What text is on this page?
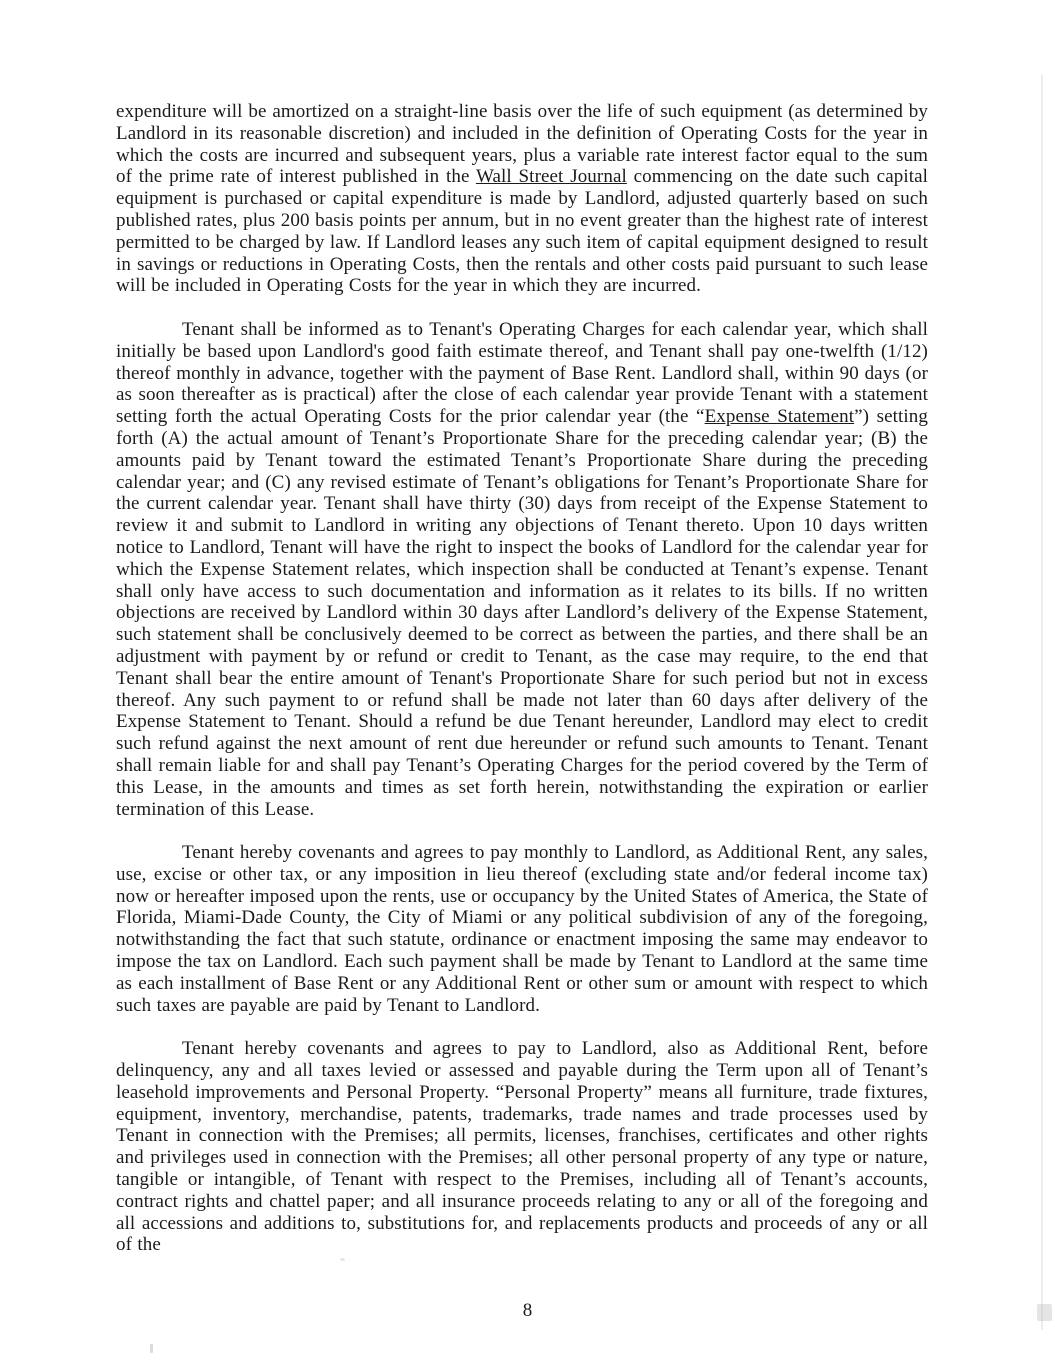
expenditure will be amortized on a straight-line basis over the life of such equipment (as determined by Landlord in its reasonable discretion) and included in the definition of Operating Costs for the year in which the costs are incurred and subsequent years, plus a variable rate interest factor equal to the sum of the prime rate of interest published in the Wall Street Journal commencing on the date such capital equipment is purchased or capital expenditure is made by Landlord, adjusted quarterly based on such published rates, plus 200 basis points per annum, but in no event greater than the highest rate of interest permitted to be charged by law. If Landlord leases any such item of capital equipment designed to result in savings or reductions in Operating Costs, then the rentals and other costs paid pursuant to such lease will be included in Operating Costs for the year in which they are incurred.

Tenant shall be informed as to Tenant's Operating Charges for each calendar year, which shall initially be based upon Landlord's good faith estimate thereof, and Tenant shall pay one-twelfth (1/12) thereof monthly in advance, together with the payment of Base Rent. Landlord shall, within 90 days (or as soon thereafter as is practical) after the close of each calendar year provide Tenant with a statement setting forth the actual Operating Costs for the prior calendar year (the “Expense Statement”) setting forth (A) the actual amount of Tenant’s Proportionate Share for the preceding calendar year; (B) the amounts paid by Tenant toward the estimated Tenant’s Proportionate Share during the preceding calendar year; and (C) any revised estimate of Tenant’s obligations for Tenant’s Proportionate Share for the current calendar year. Tenant shall have thirty (30) days from receipt of the Expense Statement to review it and submit to Landlord in writing any objections of Tenant thereto. Upon 10 days written notice to Landlord, Tenant will have the right to inspect the books of Landlord for the calendar year for which the Expense Statement relates, which inspection shall be conducted at Tenant’s expense. Tenant shall only have access to such documentation and information as it relates to its bills. If no written objections are received by Landlord within 30 days after Landlord’s delivery of the Expense Statement, such statement shall be conclusively deemed to be correct as between the parties, and there shall be an adjustment with payment by or refund or credit to Tenant, as the case may require, to the end that Tenant shall bear the entire amount of Tenant's Proportionate Share for such period but not in excess thereof. Any such payment to or refund shall be made not later than 60 days after delivery of the Expense Statement to Tenant. Should a refund be due Tenant hereunder, Landlord may elect to credit such refund against the next amount of rent due hereunder or refund such amounts to Tenant. Tenant shall remain liable for and shall pay Tenant’s Operating Charges for the period covered by the Term of this Lease, in the amounts and times as set forth herein, notwithstanding the expiration or earlier termination of this Lease.

Tenant hereby covenants and agrees to pay monthly to Landlord, as Additional Rent, any sales, use, excise or other tax, or any imposition in lieu thereof (excluding state and/or federal income tax) now or hereafter imposed upon the rents, use or occupancy by the United States of America, the State of Florida, Miami-Dade County, the City of Miami or any political subdivision of any of the foregoing, notwithstanding the fact that such statute, ordinance or enactment imposing the same may endeavor to impose the tax on Landlord. Each such payment shall be made by Tenant to Landlord at the same time as each installment of Base Rent or any Additional Rent or other sum or amount with respect to which such taxes are payable are paid by Tenant to Landlord.

Tenant hereby covenants and agrees to pay to Landlord, also as Additional Rent, before delinquency, any and all taxes levied or assessed and payable during the Term upon all of Tenant’s leasehold improvements and Personal Property. “Personal Property” means all furniture, trade fixtures, equipment, inventory, merchandise, patents, trademarks, trade names and trade processes used by Tenant in connection with the Premises; all permits, licenses, franchises, certificates and other rights and privileges used in connection with the Premises; all other personal property of any type or nature, tangible or intangible, of Tenant with respect to the Premises, including all of Tenant’s accounts, contract rights and chattel paper; and all insurance proceeds relating to any or all of the foregoing and all accessions and additions to, substitutions for, and replacements products and proceeds of any or all of the

8
